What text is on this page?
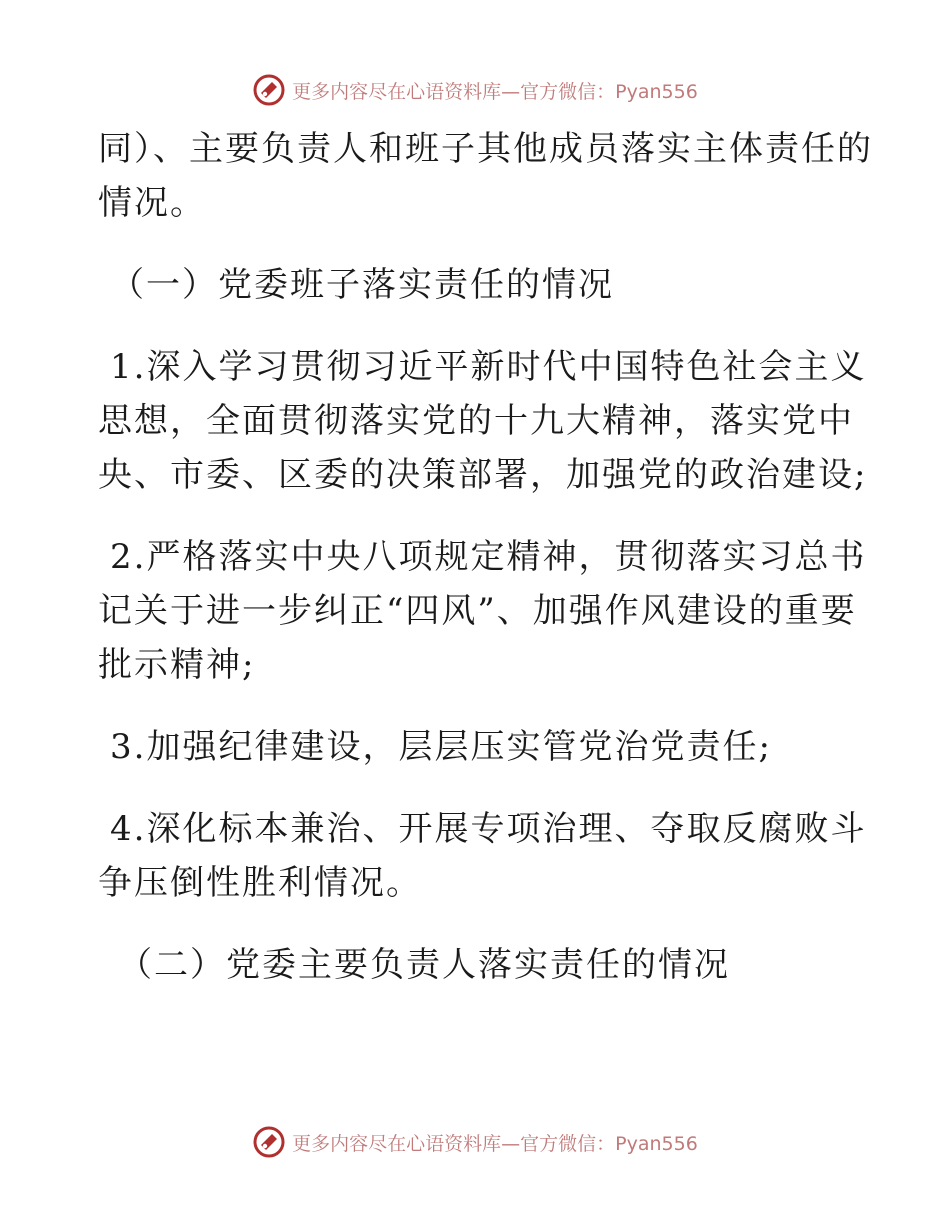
更多内容尽在心语资料库—官方微信：Pyan556
同）、主要负责人和班子其他成员落实主体责任的
情况。
（一）党委班子落实责任的情况
1.深入学习贯彻习近平新时代中国特色社会主义
思想，全面贯彻落实党的十九大精神，落实党中
央、市委、区委的决策部署，加强党的政治建设;
2.严格落实中央八项规定精神，贯彻落实习总书
记关于进一步纠正“四风”、加强作风建设的重要
批示精神;
3.加强纪律建设，层层压实管党治党责任;
4.深化标本兼治、开展专项治理、夺取反腐败斗
争压倒性胜利情况。
（二）党委主要负责人落实责任的情况
更多内容尽在心语资料库—官方微信：Pyan556
